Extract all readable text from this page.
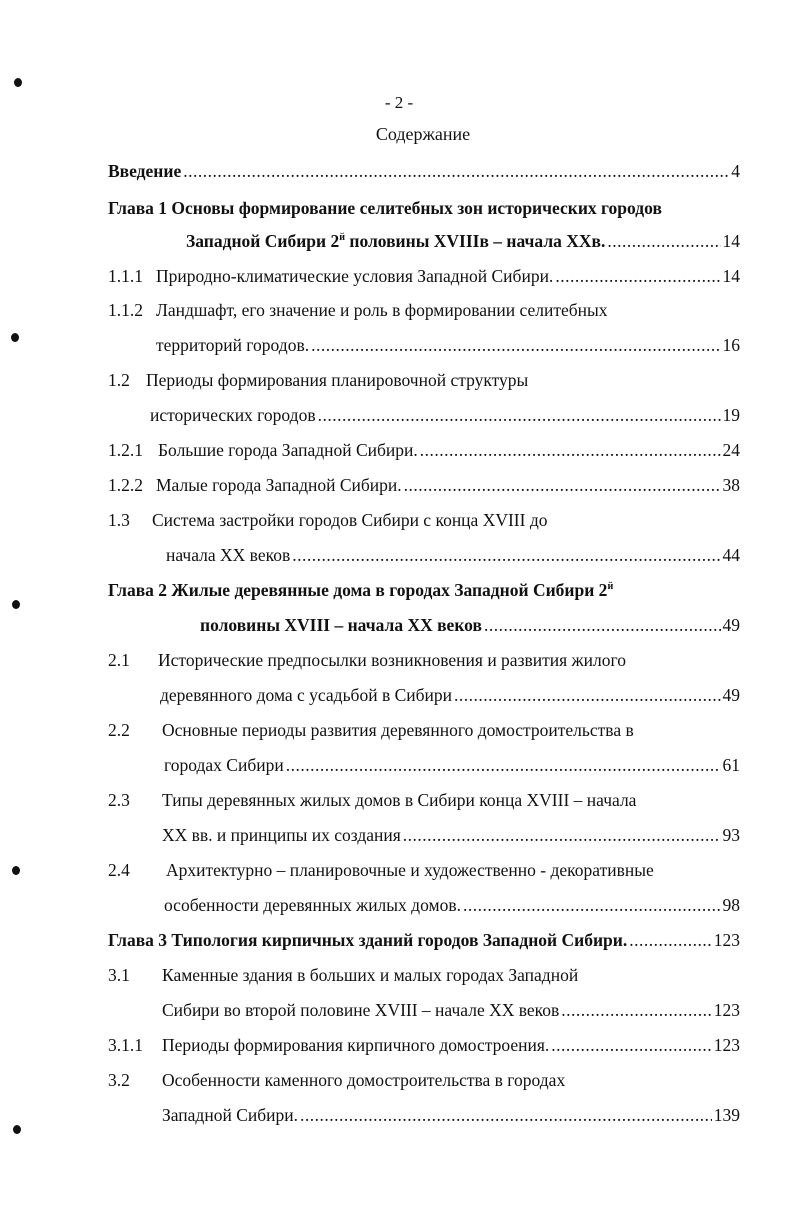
- 2 -
Содержание
Введение .....	4
Глава 1 Основы формирование селитебных зон исторических городов
Западной Сибири $2^й$ половины XVIIIв – начала XXв. .....	14
1.1.1 Природно-климатические условия Западной Сибири. .....	14
1.1.2 Ландшафт, его значение и роль в формировании селитебных
территорий городов. .....	16
1.2 Периоды формирования планировочной структуры
исторических городов .....	19
1.2.1 Большие города Западной Сибири. .....	24
1.2.2 Малые города Западной Сибири. .....	38
1.3 Система застройки городов Сибири с конца XVIII до
начала XX веков .....	44
Глава 2 Жилые деревянные дома в городах Западной Сибири $2^й$
половины XVIII – начала XX веков .....	49
2.1 Исторические предпосылки возникновения и развития жилого
деревянного дома с усадьбой в Сибири .....	49
2.2 Основные периоды развития деревянного домостроительства в
городах Сибири .....	61
2.3 Типы деревянных жилых домов в Сибири конца XVIII – начала
XX вв. и принципы их создания .....	93
2.4 Архитектурно – планировочные и художественно - декоративные
особенности деревянных жилых домов. .....	98
Глава 3 Типология кирпичных зданий городов Западной Сибири. .....	123
3.1 Каменные здания в больших и малых городах Западной
Сибири во второй половине XVIII – начале XX веков .....	123
3.1.1 Периоды формирования кирпичного домостроения. .....	123
3.2 Особенности каменного домостроительства в городах
Западной Сибири. .....	139
